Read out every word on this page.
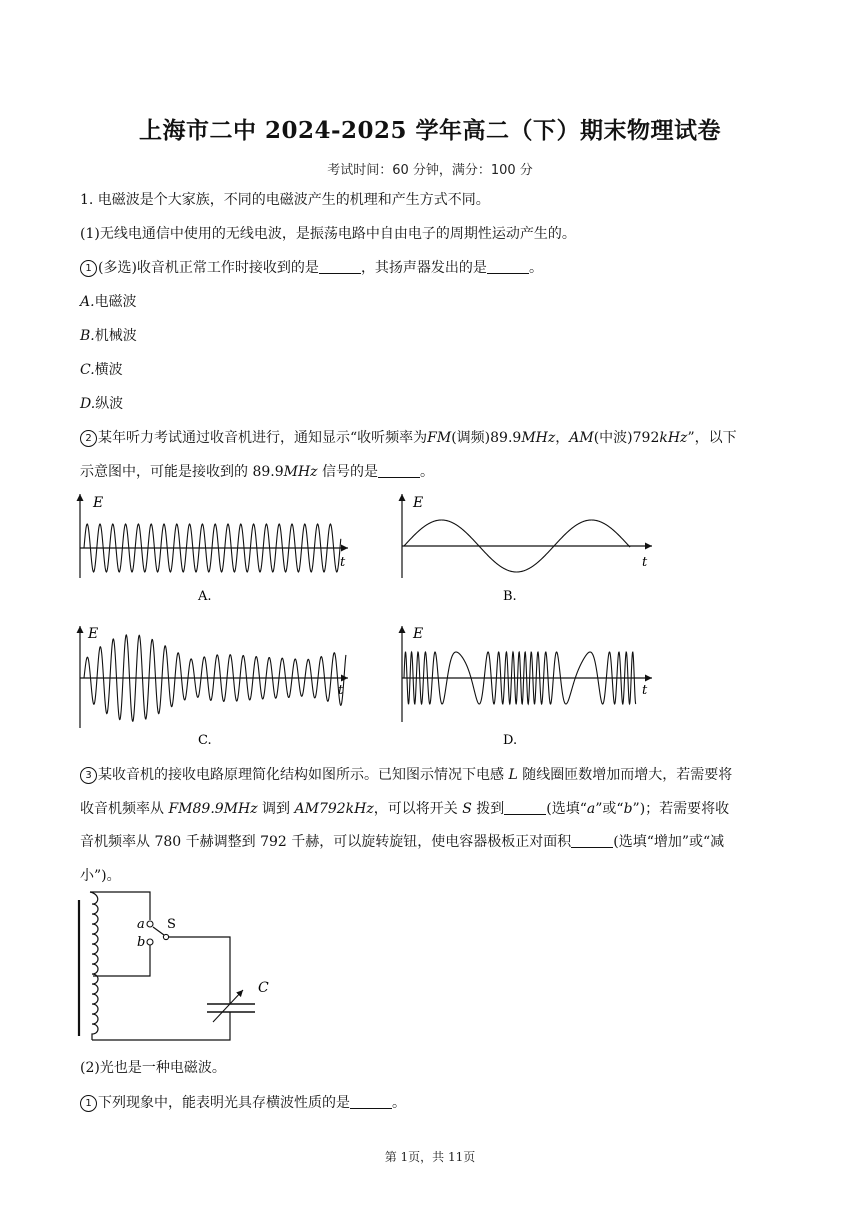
上海市二中 2024-2025 学年高二（下）期末物理试卷
考试时间：60 分钟，满分：100 分
1. 电磁波是个大家族，不同的电磁波产生的机理和产生方式不同。
(1)无线电通信中使用的无线电波，是振荡电路中自由电子的周期性运动产生的。
1 (多选)收音机正常工作时接收到的是	，其扬声器发出的是	。
A.电磁波
B.机械波
C.横波
D.纵波
2 某年听力考试通过收音机进行，通知显示“收听频率为FM(调频)89.9MHz，AM(中波)792kHz”，以下
示意图中，可能是接收到的 89.9MHz 信号的是	。
E
t
A.
E
t
B.
E
t
C.
E
t
D.
a
b
S
C
3 某收音机的接收电路原理简化结构如图所示。已知图示情况下电感 L 随线圈匝数增加而增大，若需要将
收音机频率从 FM89.9MHz 调到 AM792kHz，可以将开关 S 拨到	(选填“a”或“b”)；若需要将收
音机频率从 780 千赫调整到 792 千赫，可以旋转旋钮，使电容器极板正对面积	(选填“增加”或“减
小”)。
(2)光也是一种电磁波。
1 下列现象中，能表明光具存横波性质的是	。
第 1页，共 11页
